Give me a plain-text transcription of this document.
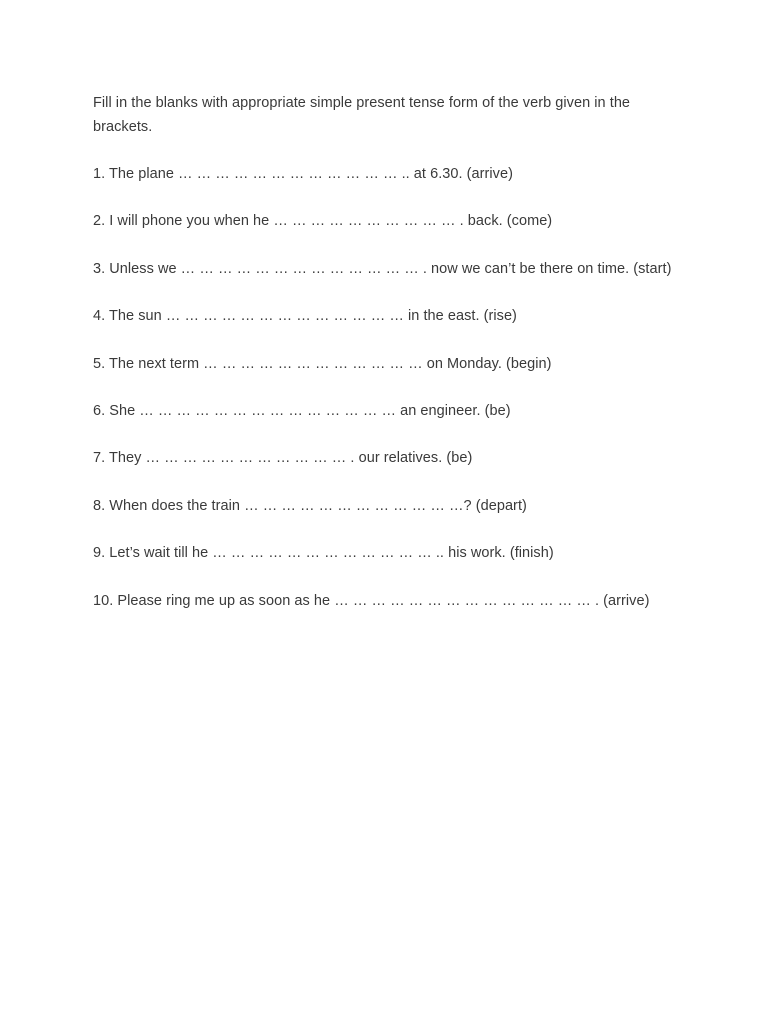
Fill in the blanks with appropriate simple present tense form of the verb given in the brackets.

1. The plane … … … … … … … … … … … … .. at 6.30. (arrive)
2. I will phone you when he … … … … … … … … … … . back. (come)
3. Unless we … … … … … … … … … … … … … . now we can’t be there on time. (start)
4. The sun … … … … … … … … … … … … … in the east. (rise)
5. The next term … … … … … … … … … … … … on Monday. (begin)
6. She … … … … … … … … … … … … … … an engineer. (be)
7. They … … … … … … … … … … … . our relatives. (be)
8. When does the train … … … … … … … … … … … …? (depart)
9. Let’s wait till he … … … … … … … … … … … … .. his work. (finish)
10. Please ring me up as soon as he … … … … … … … … … … … … … … . (arrive)
